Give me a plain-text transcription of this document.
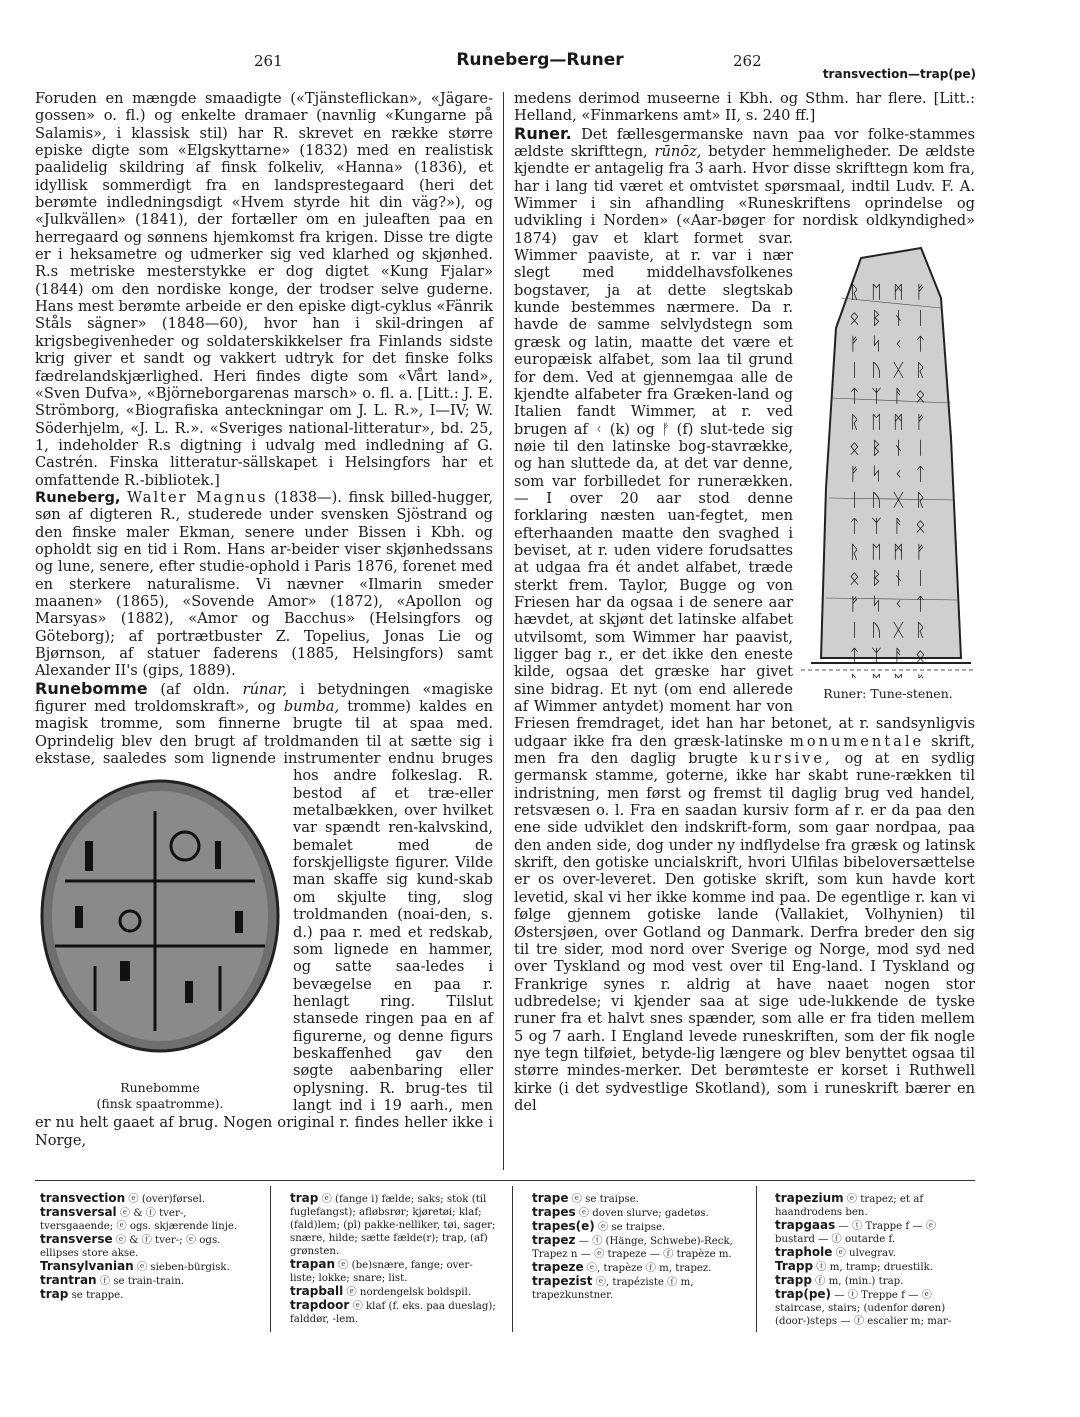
261	Runeberg—Runer	262
transvection—trap(pe)

Foruden en mængde smaadigte («Tjänsteflickan», «Jägare-gossen» o. fl.) og enkelte dramaer (navnlig «Kungarne på Salamis», i klassisk stil) har R. skrevet en række større episke digte som «Elgskyttarne» (1832) med en realistisk paalidelig skildring af finsk folkeliv, «Hanna» (1836), et idyllisk sommerdigt fra en landsprestegaard (heri det berømte indledningsdigt «Hvem styrde hit din väg?»), og «Julkvällen» (1841), der fortæller om en juleaften paa en herregaard og sønnens hjemkomst fra krigen. Disse tre digte er i heksametre og udmerker sig ved klarhed og skjønhed. R.s metriske mesterstykke er dog digtet «Kung Fjalar» (1844) om den nordiske konge, der trodser selve guderne. Hans mest berømte arbeide er den episke digt-cyklus «Fänrik Ståls sägner» (1848—60), hvor han i skil-dringen af krigsbegivenheder og soldaterskikkelser fra Finlands sidste krig giver et sandt og vakkert udtryk for det finske folks fædrelandskjærlighed. Heri findes digte som «Vårt land», «Sven Dufva», «Björneborgarenas marsch» o. fl. a. [Litt.: J. E. Strömborg, «Biografiska anteckningar om J. L. R.», I—IV; W. Söderhjelm, «J. L. R.». «Sveriges national-litteratur», bd. 25, 1, indeholder R.s digtning i udvalg med indledning af G. Castrén. Finska litteratur-sällskapet i Helsingfors har et omfattende R.-bibliotek.]

Runeberg, Walter Magnus (1838—). finsk billed-hugger, søn af digteren R., studerede under svensken Sjöstrand og den finske maler Ekman, senere under Bissen i Kbh. og opholdt sig en tid i Rom. Hans ar-beider viser skjønhedssans og lune, senere, efter studie-ophold i Paris 1876, forenet med en sterkere naturalisme. Vi nævner «Ilmarin smeder maanen» (1865), «Sovende Amor» (1872), «Apollon og Marsyas» (1882), «Amor og Bacchus» (Helsingfors og Göteborg); af portrætbuster Z. Topelius, Jonas Lie og Bjørnson, af statuer faderens (1885, Helsingfors) samt Alexander II's (gips, 1889).

Runebomme (af oldn. rúnar, i betydningen «magiske figurer med troldomskraft», og bumba, tromme) kaldes en magisk tromme, som finnerne brugte til at spaa med. Oprindelig blev den brugt af troldmanden til at sætte sig i ekstase, saaledes som lignende instrumenter endnu bruges hos andre folkeslag.
Runebomme
(finsk spaatromme).
R. bestod af et træ-eller metalbækken, over hvilket var spændt ren-kalvskind, bemalet med de forskjelligste figurer. Vilde man skaffe sig kund-skab om skjulte ting, slog troldmanden (noai-den, s. d.) paa r. med et redskab, som lignede en hammer, og satte saa-ledes i bevægelse en paa r. henlagt ring. Tilslut stansede ringen paa en af figurerne, og denne figurs beskaffenhed gav den søgte aabenbaring eller oplysning. R. brug-tes til langt ind i 19 aarh., men er nu helt gaaet af brug. Nogen original r. findes heller ikke i Norge,

medens derimod museerne i Kbh. og Sthm. har flere. [Litt.: Helland, «Finmarkens amt» II, s. 240 ff.]

Runer. Det fællesgermanske navn paa vor folke-stammes ældste skrifttegn, rūnōz, betyder hemmeligheder. De ældste kjendte er antagelig fra 3 aarh. Hvor disse skrifttegn kom fra, har i lang tid været et omtvistet spørsmaal, indtil Ludv. F. A. Wimmer i sin afhandling «Runeskriftens oprindelse og udvikling i Norden» («Aar-bøger for nordisk oldkyndighed» 1874) gav et klart formet svar.
ᚱ
ᛟ
ᚠ
ᛁ
ᛏ
ᚱ
ᛟ
ᚠ
ᛁ
ᛏ
ᚱ
ᛟ
ᚠ
ᛁ
ᛏ
ᛖ
ᛒ
ᛋ
ᚢ
ᛉ
ᛖ
ᛒ
ᛋ
ᚢ
ᛉ
ᛖ
ᛒ
ᛋ
ᚢ
ᛉ
ᛗ
ᚾ
ᚲ
ᚷ
ᚨ
ᛗ
ᚾ
ᚲ
ᚷ
ᚨ
ᛗ
ᚾ
ᚲ
ᚷ
ᚨ
ᚠ
ᛁ
ᛏ
ᚱ
ᛟ
ᚠ
ᛁ
ᛏ
ᚱ
ᛟ
ᚠ
ᛁ
ᛏ
ᚱ
ᛟ
Runer: Tune-stenen.
Wimmer paaviste, at r. var i nær slegt med middelhavsfolkenes bogstaver, ja at dette slegtskab kunde bestemmes nærmere. Da r. havde de samme selvlydstegn som græsk og latin, maatte det være et europæisk alfabet, som laa til grund for dem. Ved at gjennemgaa alle de kjendte alfabeter fra Græken-land og Italien fandt Wimmer, at r. ved brugen af ᚲ (k) og ᚠ (f) slut-tede sig nøie til den latinske bog-stavrække, og han sluttede da, at det var denne, som var forbilledet for runerækken. — I over 20 aar stod denne forklaring næsten uan-fegtet, men efterhaanden maatte den svaghed i beviset, at r. uden videre forudsattes at udgaa fra ét andet alfabet, træde sterkt frem. Taylor, Bugge og von Friesen har da ogsaa i de senere aar hævdet, at skjønt det latinske alfabet utvilsomt, som Wimmer har paavist, ligger bag r., er det ikke den eneste kilde, ogsaa det græske har givet sine bidrag. Et nyt (om end allerede af Wimmer antydet) moment har von Friesen fremdraget, idet han har betonet, at r. sandsynligvis udgaar ikke fra den græsk-latinske monumentale skrift, men fra den daglig brugte kursive, og at en sydlig germansk stamme, goterne, ikke har skabt rune-rækken til indristning, men først og fremst til daglig brug ved handel, retsvæsen o. l. Fra en saadan kursiv form af r. er da paa den ene side udviklet den indskrift-form, som gaar nordpaa, paa den anden side, dog under ny indflydelse fra græsk og latinsk skrift, den gotiske uncialskrift, hvori Ulfilas bibeloversættelse er os over-leveret. Den gotiske skrift, som kun havde kort levetid, skal vi her ikke komme ind paa. De egentlige r. kan vi følge gjennem gotiske lande (Vallakiet, Volhynien) til Østersjøen, over Gotland og Danmark. Derfra breder den sig til tre sider, mod nord over Sverige og Norge, mod syd ned over Tyskland og mod vest over til Eng-land. I Tyskland og Frankrige synes r. aldrig at have naaet nogen stor udbredelse; vi kjender saa at sige ude-lukkende de tyske runer fra et halvt snes spænder, som alle er fra tiden mellem 5 og 7 aarh. I England levede runeskriften, som der fik nogle nye tegn tilføiet, betyde-lig længere og blev benyttet ogsaa til større mindes-merker. Det berømteste er korset i Ruthwell kirke (i det sydvestlige Skotland), som i runeskrift bærer en del

transvection ⓔ (over)førsel.
transversal ⓔ & ⓕ tver-, tversgaaende; ⓔ ogs. skjærende linje.
transverse ⓔ & ⓕ tver-; ⓔ ogs. ellipses store akse.
Transylvanian ⓔ sieben-bürgisk.
trantran ⓕ se train-train.
trap se trappe.
trap ⓔ (fange i) fælde; saks; stok (til fuglefangst); afløbsrør; kjøretøi; klaf; (fald)lem; (pl) pakke-nelliker, tøi, sager; snære, hilde; sætte fælde(r); trap, (af) grønsten.
trapan ⓔ (be)snære, fange; over-liste; lokke; snare; list.
trapball ⓔ nordengelsk boldspil.
trapdoor ⓔ klaf (f. eks. paa dueslag); falddør, -lem.
trape ⓔ se traipse.
trapes ⓔ doven slurve; gadetøs.
trapes(e) ⓔ se traipse.
trapez — ⓣ (Hänge, Schwebe)-Reck, Trapez n — ⓔ trapeze — ⓕ trapèze m.
trapeze ⓔ, trapèze ⓕ m, trapez.
trapezist ⓔ, trapéziste ⓕ m, trapezkunstner.
trapezium ⓔ trapez; et af haandrodens ben.
trapgaas — ⓣ Trappe f — ⓔ bustard — ⓕ outarde f.
traphole ⓔ ulvegrav.
Trapp ⓣ m, tramp; druestilk.
trapp ⓕ m, (min.) trap.
trap(pe) — ⓣ Treppe f — ⓔ staircase, stairs; (udenfor døren) (door-)steps — ⓕ escalier m; mar-
